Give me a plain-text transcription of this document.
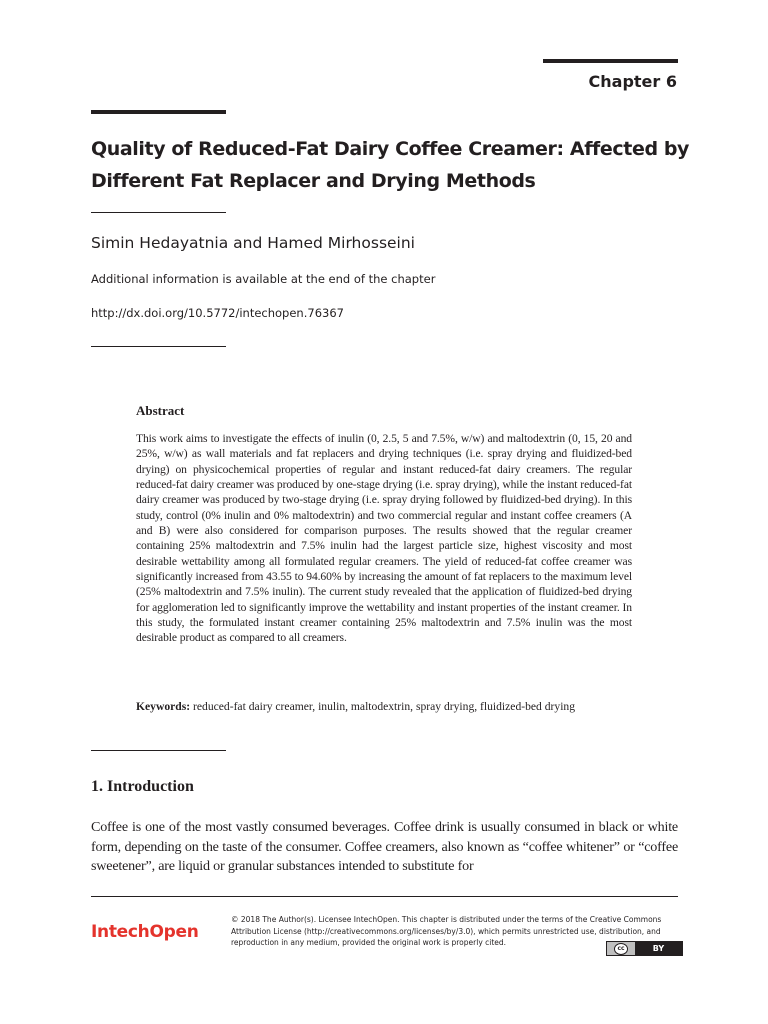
Chapter 6
Quality of Reduced-Fat Dairy Coffee Creamer: Affected by Different Fat Replacer and Drying Methods
Simin Hedayatnia and Hamed Mirhosseini
Additional information is available at the end of the chapter
http://dx.doi.org/10.5772/intechopen.76367
Abstract
This work aims to investigate the effects of inulin (0, 2.5, 5 and 7.5%, w/w) and maltodextrin (0, 15, 20 and 25%, w/w) as wall materials and fat replacers and drying techniques (i.e. spray drying and fluidized-bed drying) on physicochemical properties of regular and instant reduced-fat dairy creamers. The regular reduced-fat dairy creamer was produced by one-stage drying (i.e. spray drying), while the instant reduced-fat dairy creamer was produced by two-stage drying (i.e. spray drying followed by fluidized-bed drying). In this study, control (0% inulin and 0% maltodextrin) and two commercial regular and instant coffee creamers (A and B) were also considered for comparison purposes. The results showed that the regular creamer containing 25% maltodextrin and 7.5% inulin had the largest particle size, highest viscosity and most desirable wettability among all formulated regular creamers. The yield of reduced-fat coffee creamer was significantly increased from 43.55 to 94.60% by increasing the amount of fat replacers to the maximum level (25% maltodextrin and 7.5% inulin). The current study revealed that the application of fluidized-bed drying for agglomeration led to significantly improve the wettability and instant properties of the instant creamer. In this study, the formulated instant creamer containing 25% maltodextrin and 7.5% inulin was the most desirable product as compared to all creamers.
Keywords: reduced-fat dairy creamer, inulin, maltodextrin, spray drying, fluidized-bed drying
1. Introduction
Coffee is one of the most vastly consumed beverages. Coffee drink is usually consumed in black or white form, depending on the taste of the consumer. Coffee creamers, also known as “coffee whitener” or “coffee sweetener”, are liquid or granular substances intended to substitute for
IntechOpen
© 2018 The Author(s). Licensee IntechOpen. This chapter is distributed under the terms of the Creative Commons Attribution License (http://creativecommons.org/licenses/by/3.0), which permits unrestricted use, distribution, and reproduction in any medium, provided the original work is properly cited.
cc	BY
